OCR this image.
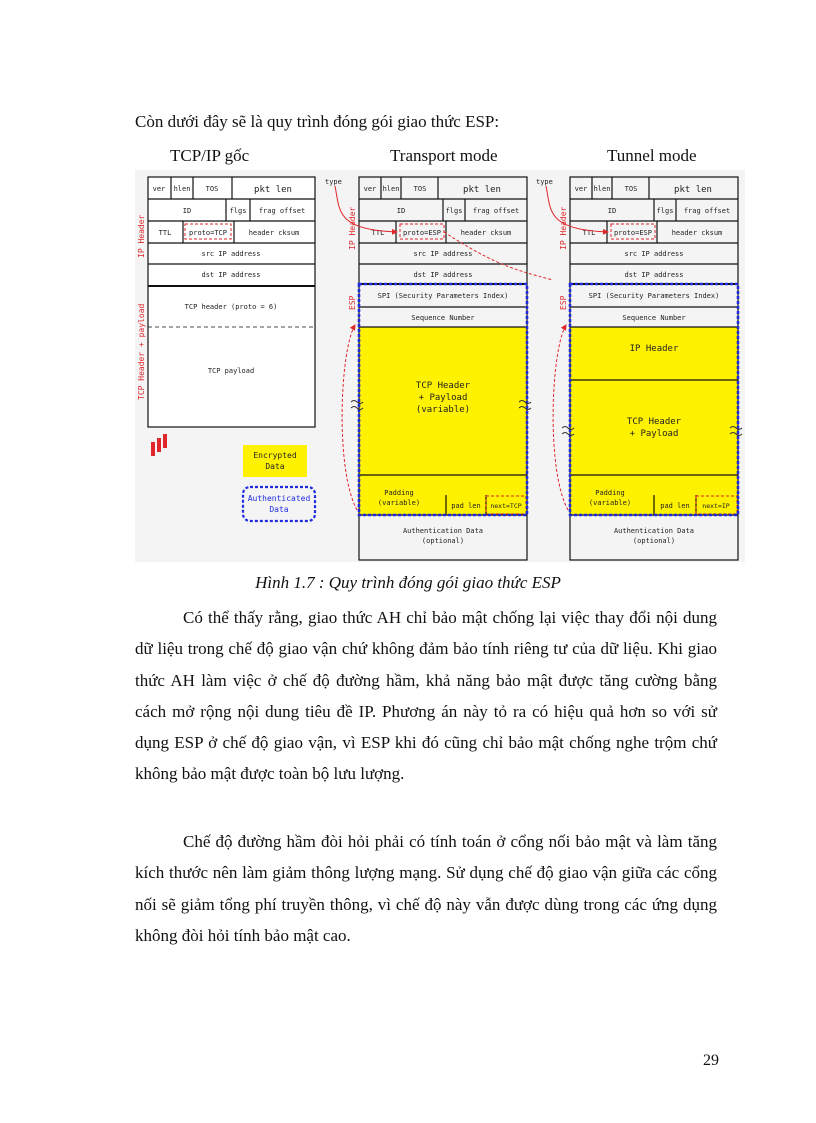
Còn dưới đây sẽ là quy trình đóng gói giao thức ESP:
TCP/IP gốc	Transport mode	Tunnel mode
ver hlen TOS	pkt len
ID	flgs frag offset
TTL	proto=TCP	header cksum
src IP address
dst IP address
TCP header (proto = 6)
TCP payload
IP Header
TCP Header + payload
Encrypted
Data
Authenticated
Data
ver hlen TOS	pkt len
ID	flgs frag offset
TTL	proto=ESP	header cksum
src IP address
dst IP address
SPI (Security Parameters Index)
Sequence Number
TCP Header
+ Payload
(variable)
Padding
(variable)	pad len next=TCP
Authentication Data
(optional)
IP Header
ESP
type
ver hlen TOS	pkt len
ID	flgs frag offset
TTL	proto=ESP	header cksum
src IP address
dst IP address
SPI (Security Parameters Index)
Sequence Number
IP Header
TCP Header
+ Payload
Padding
(variable)	pad len next=IP
Authentication Data
(optional)
IP Header
ESP
type
Hình 1.7 : Quy trình đóng gói giao thức ESP

Có thể thấy rằng, giao thức AH chỉ bảo mật chống lại việc thay đổi nội dung dữ liệu trong chế độ giao vận chứ không đảm bảo tính riêng tư của dữ liệu. Khi giao thức AH làm việc ở chế độ đường hầm, khả năng bảo mật được tăng cường bằng cách mở rộng nội dung tiêu đề IP. Phương án này tỏ ra có hiệu quả hơn so với sử dụng ESP ở chế độ giao vận, vì ESP khi đó cũng chỉ bảo mật chống nghe trộm chứ không bảo mật được toàn bộ lưu lượng.

Chế độ đường hầm đòi hỏi phải có tính toán ở cổng nối bảo mật và làm tăng kích thước nên làm giảm thông lượng mạng. Sử dụng chế độ giao vận giữa các cổng nối sẽ giảm tổng phí truyền thông, vì chế độ này vẫn được dùng trong các ứng dụng không đòi hỏi tính bảo mật cao.

29
